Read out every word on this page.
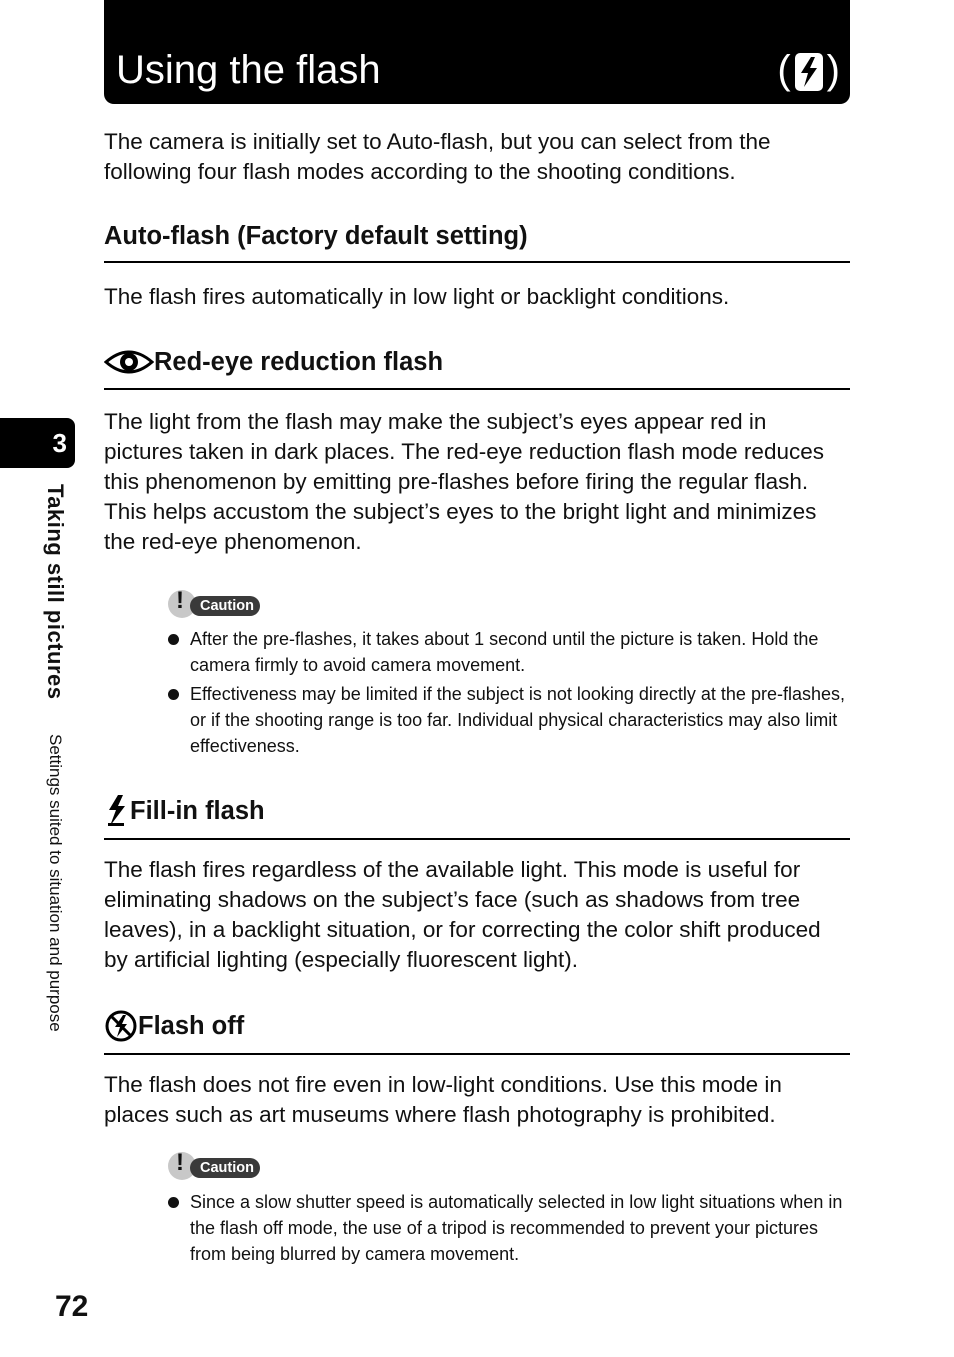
Using the flash	( )

The camera is initially set to Auto-flash, but you can select from the following four flash modes according to the shooting conditions.

Auto-flash (Factory default setting)

The flash fires automatically in low light or backlight conditions.

Red-eye reduction flash

The light from the flash may make the subject’s eyes appear red in pictures taken in dark places. The red-eye reduction flash mode reduces this phenomenon by emitting pre-flashes before firing the regular flash. This helps accustom the subject’s eyes to the bright light and minimizes the red-eye phenomenon.

!	Caution
After the pre-flashes, it takes about 1 second until the picture is taken. Hold the camera firmly to avoid camera movement.
Effectiveness may be limited if the subject is not looking directly at the pre-flashes, or if the shooting range is too far. Individual physical characteristics may also limit effectiveness.
Fill-in flash

The flash fires regardless of the available light. This mode is useful for eliminating shadows on the subject’s face (such as shadows from tree leaves), in a backlight situation, or for correcting the color shift produced by artificial lighting (especially fluorescent light).

Flash off

The flash does not fire even in low-light conditions. Use this mode in places such as art museums where flash photography is prohibited.

!	Caution
Since a slow shutter speed is automatically selected in low light situations when in the flash off mode, the use of a tripod is recommended to prevent your pictures from being blurred by camera movement.
3
Taking still pictures Settings suited to situation and purpose
72
